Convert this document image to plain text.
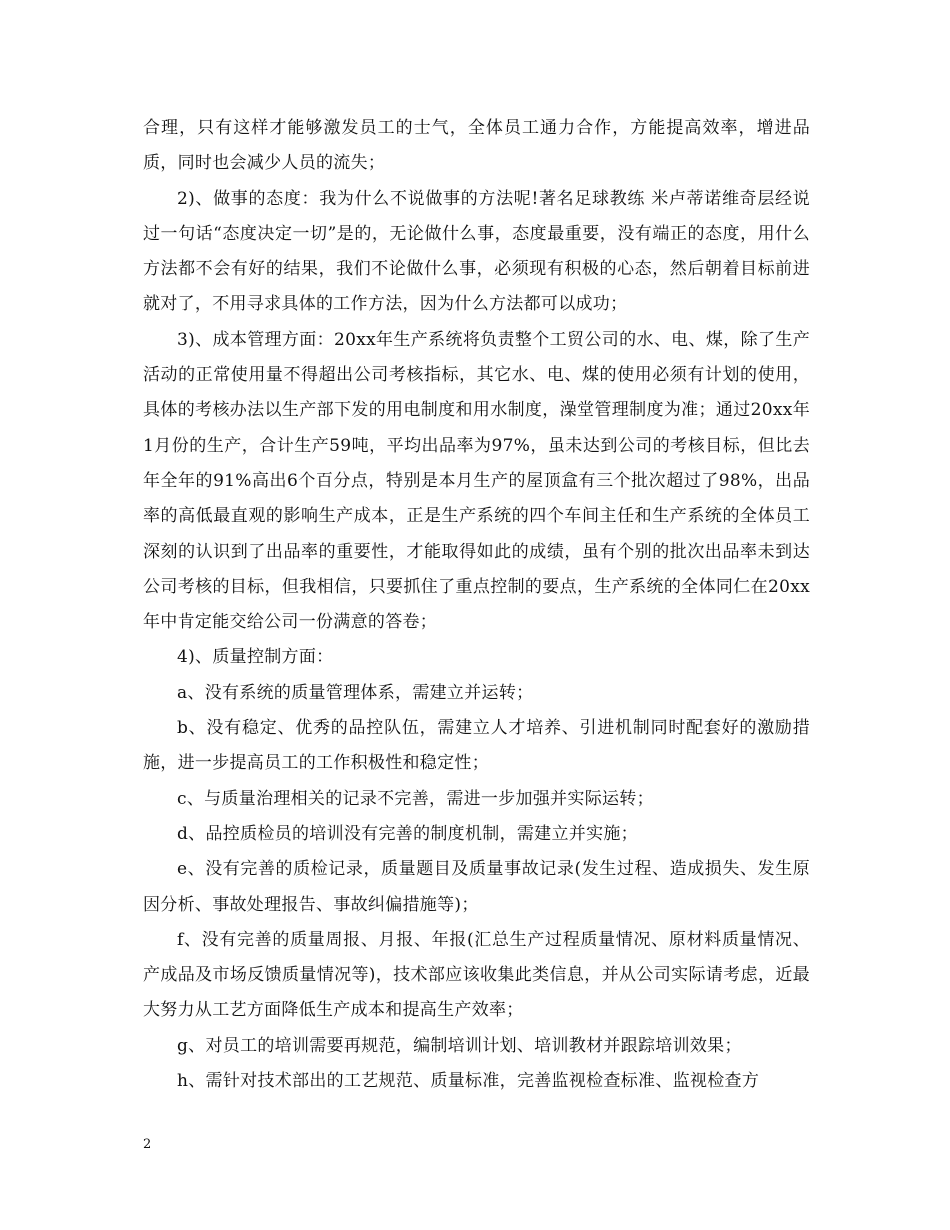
合理，只有这样才能够激发员工的士气，全体员工通力合作，方能提高效率，增进品质，同时也会减少人员的流失；

2)、做事的态度：我为什么不说做事的方法呢!著名足球教练 米卢蒂诺维奇层经说过一句话“态度决定一切”是的，无论做什么事，态度最重要，没有端正的态度，用什么方法都不会有好的结果，我们不论做什么事，必须现有积极的心态，然后朝着目标前进就对了，不用寻求具体的工作方法，因为什么方法都可以成功；

3)、成本管理方面：20xx年生产系统将负责整个工贸公司的水、电、煤，除了生产活动的正常使用量不得超出公司考核指标，其它水、电、煤的使用必须有计划的使用，具体的考核办法以生产部下发的用电制度和用水制度，澡堂管理制度为准；通过20xx年1月份的生产，合计生产59吨，平均出品率为97%，虽未达到公司的考核目标，但比去年全年的91%高出6个百分点，特别是本月生产的屋顶盒有三个批次超过了98%，出品率的高低最直观的影响生产成本，正是生产系统的四个车间主任和生产系统的全体员工深刻的认识到了出品率的重要性，才能取得如此的成绩，虽有个别的批次出品率未到达公司考核的目标，但我相信，只要抓住了重点控制的要点，生产系统的全体同仁在20xx年中肯定能交给公司一份满意的答卷；

4)、质量控制方面：

a、没有系统的质量管理体系，需建立并运转；

b、没有稳定、优秀的品控队伍，需建立人才培养、引进机制同时配套好的激励措施，进一步提高员工的工作积极性和稳定性；

c、与质量治理相关的记录不完善，需进一步加强并实际运转；

d、品控质检员的培训没有完善的制度机制，需建立并实施；

e、没有完善的质检记录，质量题目及质量事故记录(发生过程、造成损失、发生原因分析、事故处理报告、事故纠偏措施等)；

f、没有完善的质量周报、月报、年报(汇总生产过程质量情况、原材料质量情况、产成品及市场反馈质量情况等)，技术部应该收集此类信息，并从公司实际请考虑，近最大努力从工艺方面降低生产成本和提高生产效率；

g、对员工的培训需要再规范，编制培训计划、培训教材并跟踪培训效果；

h、需针对技术部出的工艺规范、质量标准，完善监视检查标准、监视检查方

2
